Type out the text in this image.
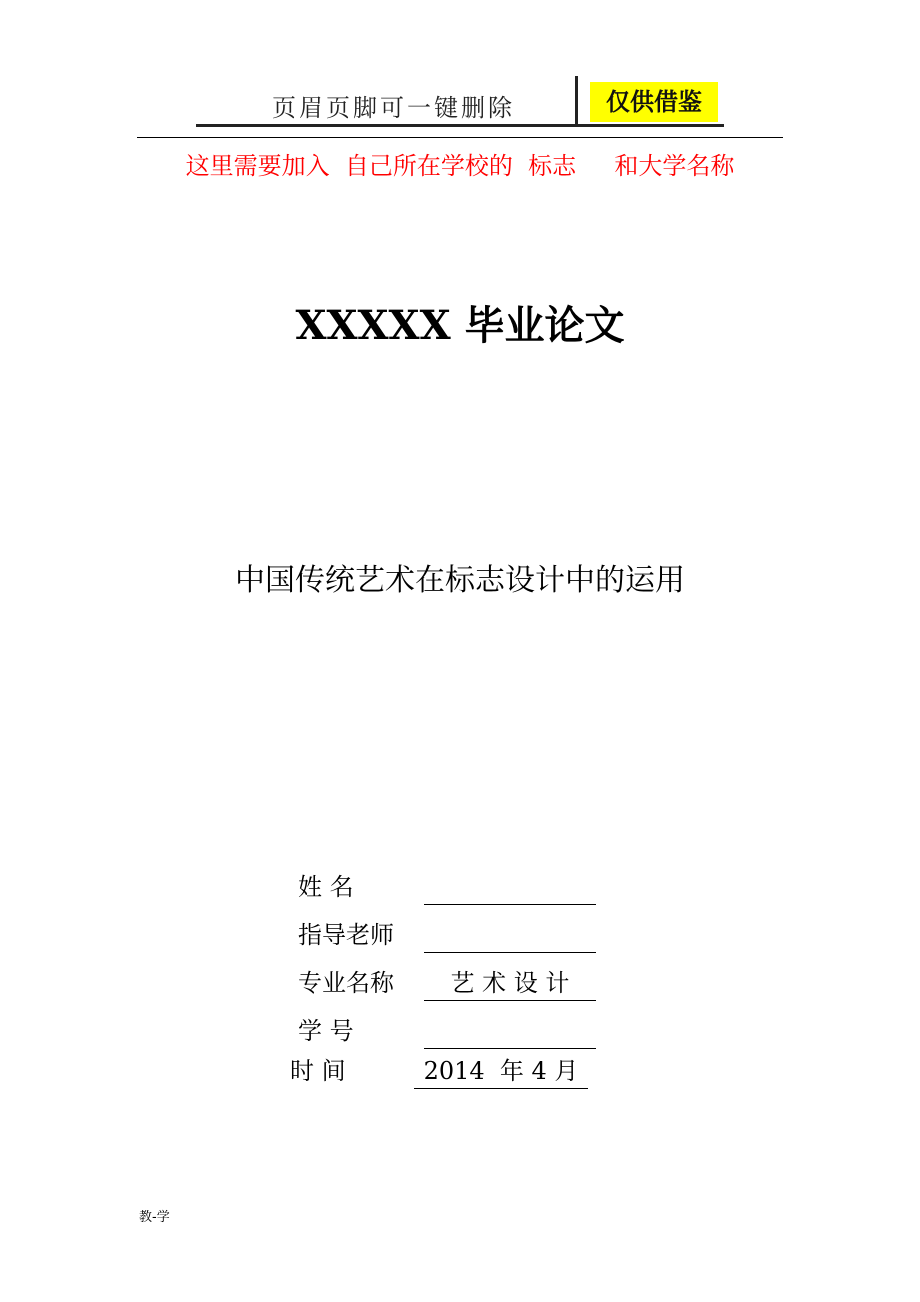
页眉页脚可一键删除	仅供借鉴
这里需要加入  自己所在学校的  标志     和大学名称
XXXXX 毕业论文
中国传统艺术在标志设计中的运用
姓 名
指导老师
专业名称	艺 术 设 计
学 号
时 间	2014  年 4 月
教-学
